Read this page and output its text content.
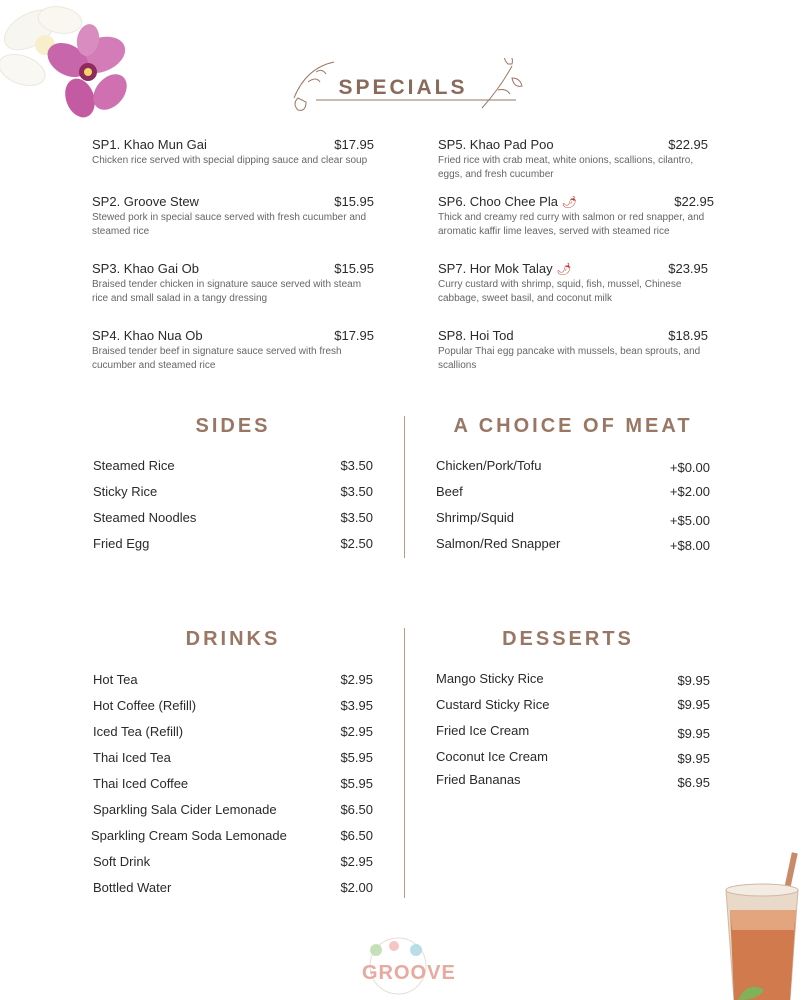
SPECIALS
SP1. Khao Mun Gai	$17.95
Chicken rice served with special dipping sauce and clear soup
SP2. Groove Stew	$15.95
Stewed pork in special sauce served with fresh cucumber and steamed rice
SP3. Khao Gai Ob	$15.95
Braised tender chicken in signature sauce served with steam rice and small salad in a tangy dressing
SP4. Khao Nua Ob	$17.95
Braised tender beef in signature sauce served with fresh cucumber and steamed rice
SP5. Khao Pad Poo	$22.95
Fried rice with crab meat, white onions, scallions, cilantro, eggs, and fresh cucumber
SP6. Choo Chee Pla 🌶	$22.95
Thick and creamy red curry with salmon or red snapper, and aromatic kaffir lime leaves, served with steamed rice
SP7. Hor Mok Talay 🌶	$23.95
Curry custard with shrimp, squid, fish, mussel, Chinese cabbage, sweet basil, and coconut milk
SP8. Hoi Tod	$18.95
Popular Thai egg pancake with mussels, bean sprouts, and scallions
SIDES	A CHOICE OF MEAT
Steamed Rice	$3.50
Sticky Rice	$3.50
Steamed Noodles	$3.50
Fried Egg	$2.50
Chicken/Pork/Tofu	+$0.00
Beef	+$2.00
Shrimp/Squid	+$5.00
Salmon/Red Snapper	+$8.00
DRINKS	DESSERTS
Hot Tea	$2.95
Hot Coffee (Refill)	$3.95
Iced Tea (Refill)	$2.95
Thai Iced Tea	$5.95
Thai Iced Coffee	$5.95
Sparkling Sala Cider Lemonade	$6.50
Sparkling Cream Soda Lemonade	$6.50
Soft Drink	$2.95
Bottled Water	$2.00
Mango Sticky Rice	$9.95
Custard Sticky Rice	$9.95
Fried Ice Cream	$9.95
Coconut Ice Cream	$9.95
Fried Bananas	$6.95
GROOVE
